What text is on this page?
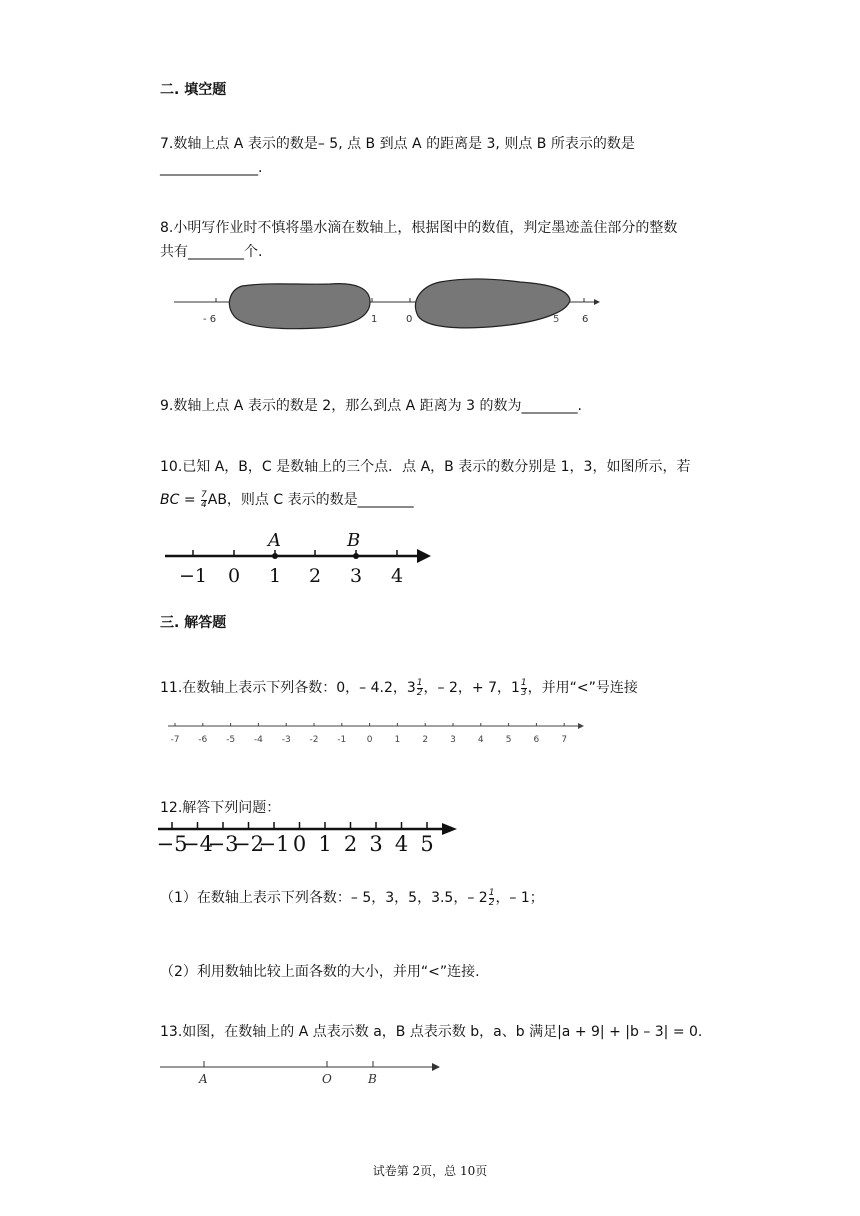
二. 填空题
7.数轴上点 A 表示的数是– 5, 点 B 到点 A 的距离是 3, 则点 B 所表示的数是
______________.
8.小明写作业时不慎将墨水滴在数轴上，根据图中的数值，判定墨迹盖住部分的整数
共有________个.
- 6	1	0	5 6
9.数轴上点 A 表示的数是 2，那么到点 A 距离为 3 的数为________.
10.已知 A，B，C 是数轴上的三个点．点 A，B 表示的数分别是 1，3，如图所示，若
BC = $\frac{7}{4}$ AB，则点 C 表示的数是________
A	B
−1 0 1 2 3 4
三. 解答题
11.在数轴上表示下列各数：0，– 4.2，$3 \frac{1}{2}$ ，– 2，+ 7，$1 \frac{1}{3}$ ，并用“<”号连接
-7 -6 -5 -4 -3 -2 -1 0 1 2 3 4 5 6 7
12.解答下列问题：
−5
−4
−3
−2
−1 0 1 2 3 4 5
（1）在数轴上表示下列各数：– 5，3，5，3.5，– $2 \frac{1}{2}$ ，– 1；
（2）利用数轴比较上面各数的大小，并用“<”连接.
13.如图，在数轴上的 A 点表示数 a，B 点表示数 b，a、b 满足|a + 9| + |b – 3| = 0.
A	O	B
试卷第 2页，总 10页
